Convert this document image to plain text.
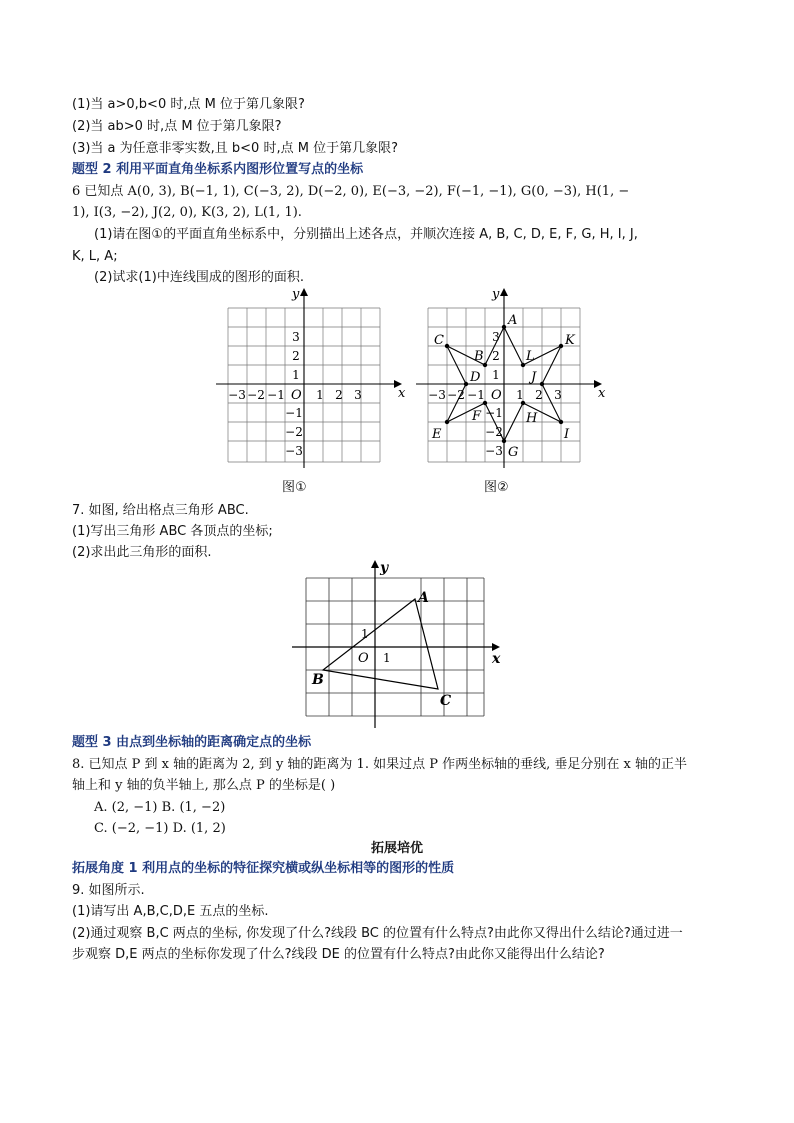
(1)当 a>0,b<0 时,点 M 位于第几象限?
(2)当 ab>0 时,点 M 位于第几象限?
(3)当 a 为任意非零实数,且 b<0 时,点 M 位于第几象限?
题型 2 利用平面直角坐标系内图形位置写点的坐标
6 已知点 A(0, 3), B(−1, 1), C(−3, 2), D(−2, 0), E(−3, −2), F(−1, −1), G(0, −3), H(1, −
1), I(3, −2), J(2, 0), K(3, 2), L(1, 1).
(1)请在图①的平面直角坐标系中，分别描出上述各点，并顺次连接 A, B, C, D, E, F, G, H, I, J,
K, L, A;
(2)试求(1)中连线围成的图形的面积.
x
y
O
−3 −2 −1	1 2 3
1
2
3
−1
−2
−3
图①
x
y
O
−3 −2 −1	1 2 3
1
2
3
−1
−2
−3
A
B
C
D
E
F
G
H
I
J
K
L
图②
7. 如图, 给出格点三角形 ABC.
(1)写出三角形 ABC 各顶点的坐标;
(2)求出此三角形的面积.
x
y
O 1
1
A
B
C
题型 3 由点到坐标轴的距离确定点的坐标
8. 已知点 P 到 x 轴的距离为 2, 到 y 轴的距离为 1. 如果过点 P 作两坐标轴的垂线, 垂足分别在 x 轴的正半
轴上和 y 轴的负半轴上, 那么点 P 的坐标是( )
A. (2, −1) B. (1, −2)
C. (−2, −1) D. (1, 2)
拓展培优
拓展角度 1 利用点的坐标的特征探究横或纵坐标相等的图形的性质
9. 如图所示.
(1)请写出 A,B,C,D,E 五点的坐标.
(2)通过观察 B,C 两点的坐标, 你发现了什么?线段 BC 的位置有什么特点?由此你又得出什么结论?通过进一
步观察 D,E 两点的坐标你发现了什么?线段 DE 的位置有什么特点?由此你又能得出什么结论?
